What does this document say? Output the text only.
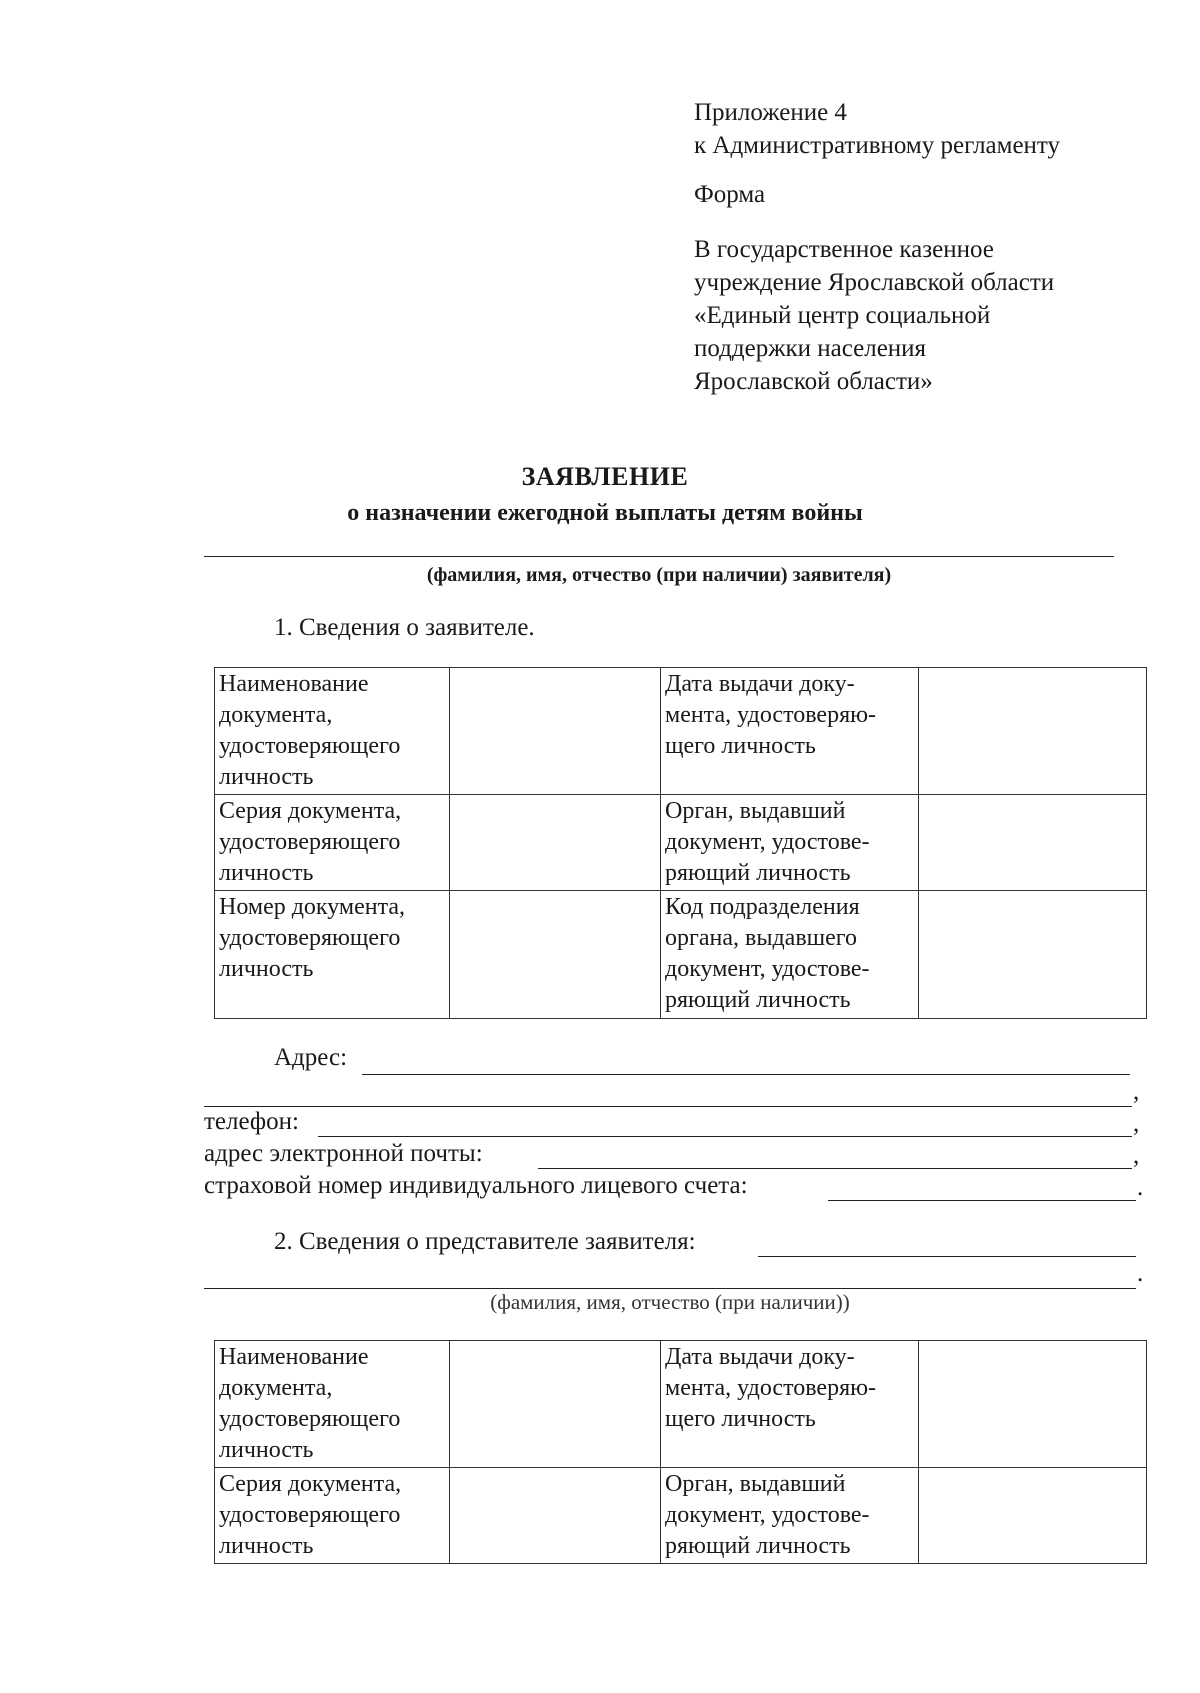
Приложение 4
к Административному регламенту
Форма
В государственное казенное
учреждение Ярославской области
«Единый центр социальной
поддержки населения
Ярославской области»
ЗАЯВЛЕНИЕ
о назначении ежегодной выплаты детям войны
(фамилия, имя, отчество (при наличии) заявителя)
1. Сведения о заявителе.
Наименование документа, удостоверяющего личность		Дата выдачи доку-мента, удостоверяю-щего личность	
Серия документа, удостоверяющего личность		Орган, выдавший документ, удостове-ряющий личность	
Номер документа, удостоверяющего личность		Код подразделения органа, выдавшего документ, удостове-ряющий личность	
Адрес:
,
телефон:	,
адрес электронной почты:	,
страховой номер индивидуального лицевого счета:	.
2. Сведения о представителе заявителя:
.
(фамилия, имя, отчество (при наличии))
Наименование документа, удостоверяющего личность		Дата выдачи доку-мента, удостоверяю-щего личность	
Серия документа, удостоверяющего личность		Орган, выдавший документ, удостове-ряющий личность	
